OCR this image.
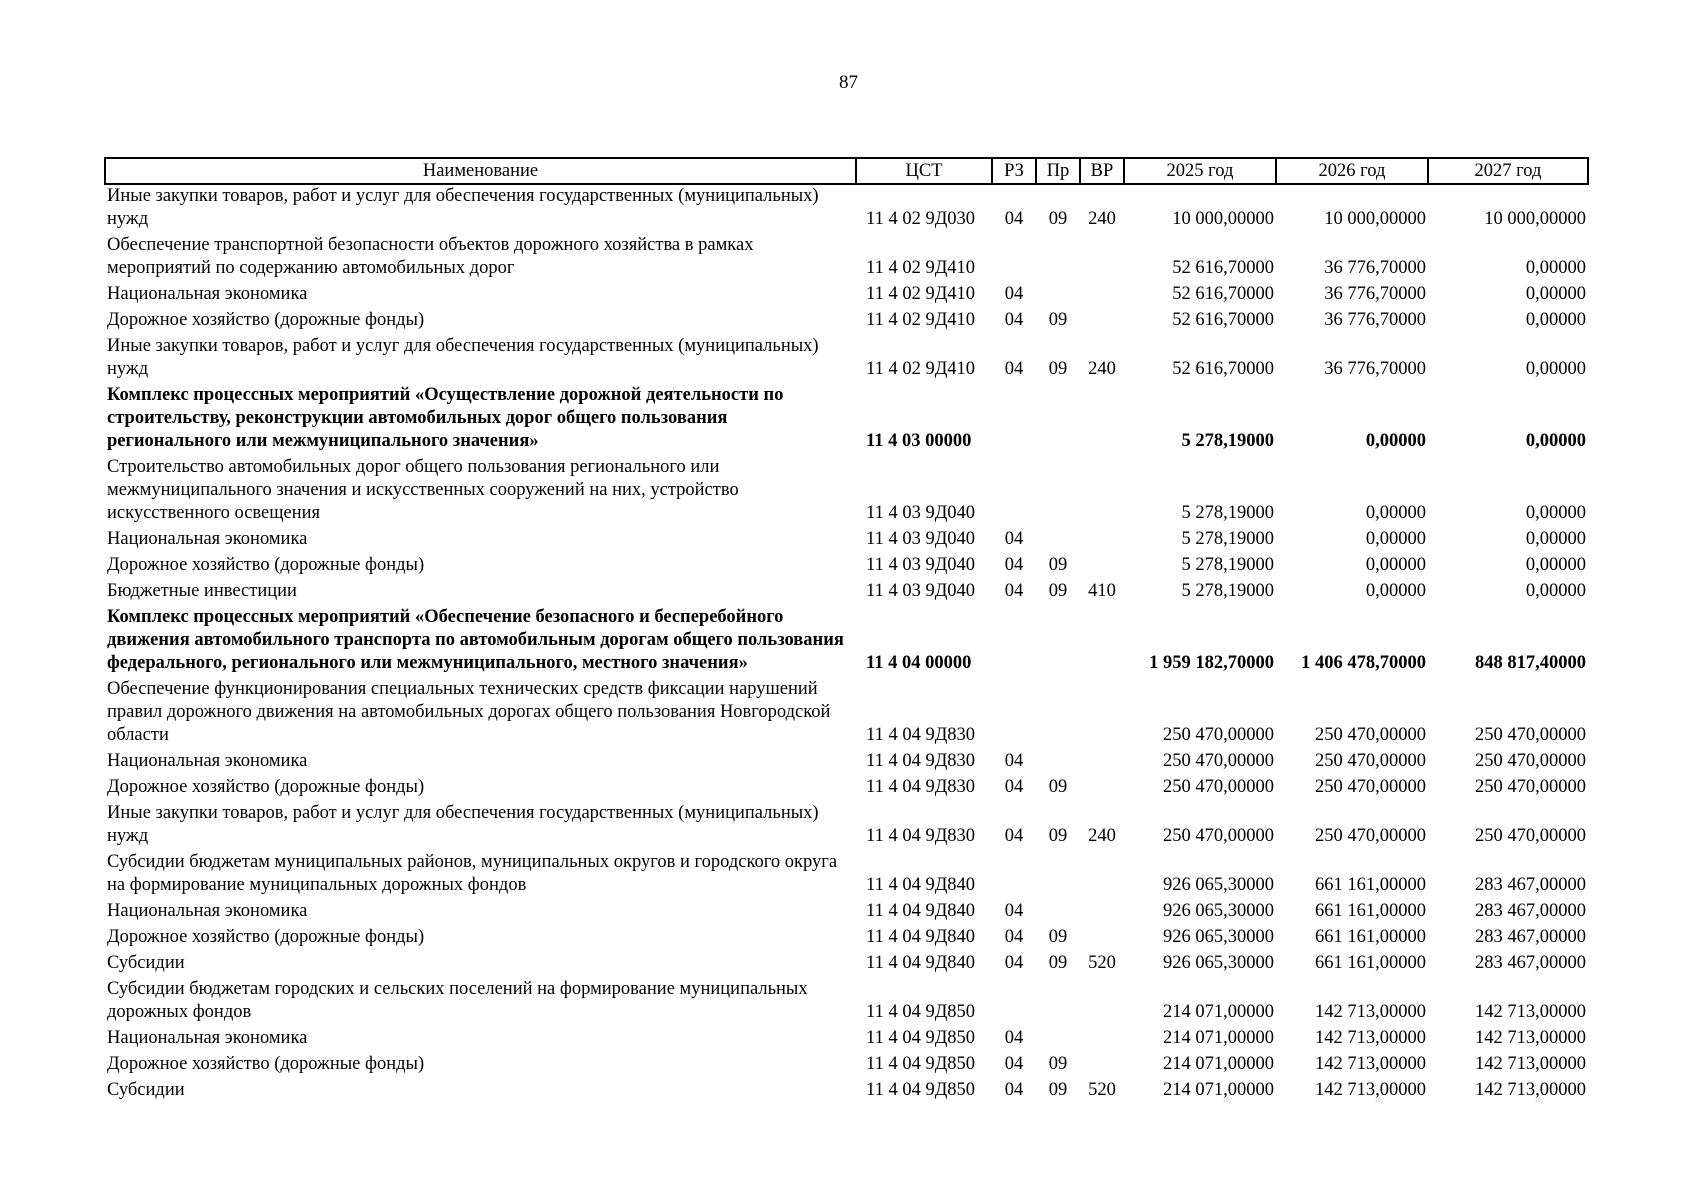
87
Наименование	ЦСТ	РЗ	Пр	ВР	2025 год	2026 год	2027 год
Иные закупки товаров, работ и услуг для обеспечения государственных (муниципальных) нужд	11 4 02 9Д030	04	09	240	10 000,00000	10 000,00000	10 000,00000
Обеспечение транспортной безопасности объектов дорожного хозяйства в рамках мероприятий по содержанию автомобильных дорог	11 4 02 9Д410				52 616,70000	36 776,70000	0,00000
Национальная экономика	11 4 02 9Д410	04			52 616,70000	36 776,70000	0,00000
Дорожное хозяйство (дорожные фонды)	11 4 02 9Д410	04	09		52 616,70000	36 776,70000	0,00000
Иные закупки товаров, работ и услуг для обеспечения государственных (муниципальных) нужд	11 4 02 9Д410	04	09	240	52 616,70000	36 776,70000	0,00000
Комплекс процессных мероприятий «Осуществление дорожной деятельности по строительству, реконструкции автомобильных дорог общего пользования регионального или межмуниципального значения»	11 4 03 00000				5 278,19000	0,00000	0,00000
Строительство автомобильных дорог общего пользования регионального или межмуниципального значения и искусственных сооружений на них, устройство искусственного освещения	11 4 03 9Д040				5 278,19000	0,00000	0,00000
Национальная экономика	11 4 03 9Д040	04			5 278,19000	0,00000	0,00000
Дорожное хозяйство (дорожные фонды)	11 4 03 9Д040	04	09		5 278,19000	0,00000	0,00000
Бюджетные инвестиции	11 4 03 9Д040	04	09	410	5 278,19000	0,00000	0,00000
Комплекс процессных мероприятий «Обеспечение безопасного и бесперебойного движения автомобильного транспорта по автомобильным дорогам общего пользования федерального, регионального или межмуниципального, местного значения»	11 4 04 00000				1 959 182,70000	1 406 478,70000	848 817,40000
Обеспечение функционирования специальных технических средств фиксации нарушений правил дорожного движения на автомобильных дорогах общего пользования Новгородской области	11 4 04 9Д830				250 470,00000	250 470,00000	250 470,00000
Национальная экономика	11 4 04 9Д830	04			250 470,00000	250 470,00000	250 470,00000
Дорожное хозяйство (дорожные фонды)	11 4 04 9Д830	04	09		250 470,00000	250 470,00000	250 470,00000
Иные закупки товаров, работ и услуг для обеспечения государственных (муниципальных) нужд	11 4 04 9Д830	04	09	240	250 470,00000	250 470,00000	250 470,00000
Субсидии бюджетам муниципальных районов, муниципальных округов и городского округа на формирование муниципальных дорожных фондов	11 4 04 9Д840				926 065,30000	661 161,00000	283 467,00000
Национальная экономика	11 4 04 9Д840	04			926 065,30000	661 161,00000	283 467,00000
Дорожное хозяйство (дорожные фонды)	11 4 04 9Д840	04	09		926 065,30000	661 161,00000	283 467,00000
Субсидии	11 4 04 9Д840	04	09	520	926 065,30000	661 161,00000	283 467,00000
Субсидии бюджетам городских и сельских поселений на формирование муниципальных дорожных фондов	11 4 04 9Д850				214 071,00000	142 713,00000	142 713,00000
Национальная экономика	11 4 04 9Д850	04			214 071,00000	142 713,00000	142 713,00000
Дорожное хозяйство (дорожные фонды)	11 4 04 9Д850	04	09		214 071,00000	142 713,00000	142 713,00000
Субсидии	11 4 04 9Д850	04	09	520	214 071,00000	142 713,00000	142 713,00000
